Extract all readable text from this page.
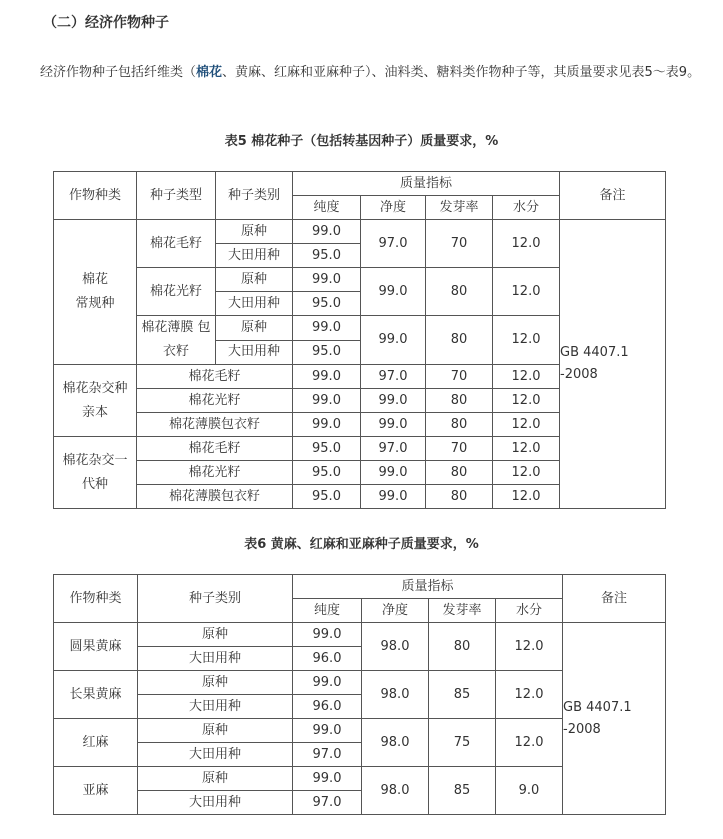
（二）经济作物种子
经济作物种子包括纤维类（棉花、黄麻、红麻和亚麻种子）、油料类、糖料类作物种子等，其质量要求见表5～表9。
表5 棉花种子（包括转基因种子）质量要求，%
作物种类	种子类型	种子类别	质量指标				备注
			纯度	净度	发芽率	水分	
棉花
常规种	棉花毛籽	原种	99.0	97.0	70	12.0	GB 4407.1
-2008
		大田用种	95.0				
	棉花光籽	原种	99.0	99.0	80	12.0	
		大田用种	95.0				
	棉花薄膜 包衣籽	原种	99.0	99.0	80	12.0	
		大田用种	95.0				
棉花杂交种
亲本	棉花毛籽		99.0	97.0	70	12.0	
	棉花光籽		99.0	99.0	80	12.0	
	棉花薄膜包衣籽		99.0	99.0	80	12.0	
棉花杂交一
代种	棉花毛籽		95.0	97.0	70	12.0	
	棉花光籽		95.0	99.0	80	12.0	
	棉花薄膜包衣籽		95.0	99.0	80	12.0	
表6 黄麻、红麻和亚麻种子质量要求，%
作物种类	种子类别	质量指标				备注
		纯度	净度	发芽率	水分	
圆果黄麻	原种	99.0	98.0	80	12.0	GB 4407.1
-2008
	大田用种	96.0				
长果黄麻	原种	99.0	98.0	85	12.0	
	大田用种	96.0				
红麻	原种	99.0	98.0	75	12.0	
	大田用种	97.0				
亚麻	原种	99.0	98.0	85	9.0	
	大田用种	97.0				
